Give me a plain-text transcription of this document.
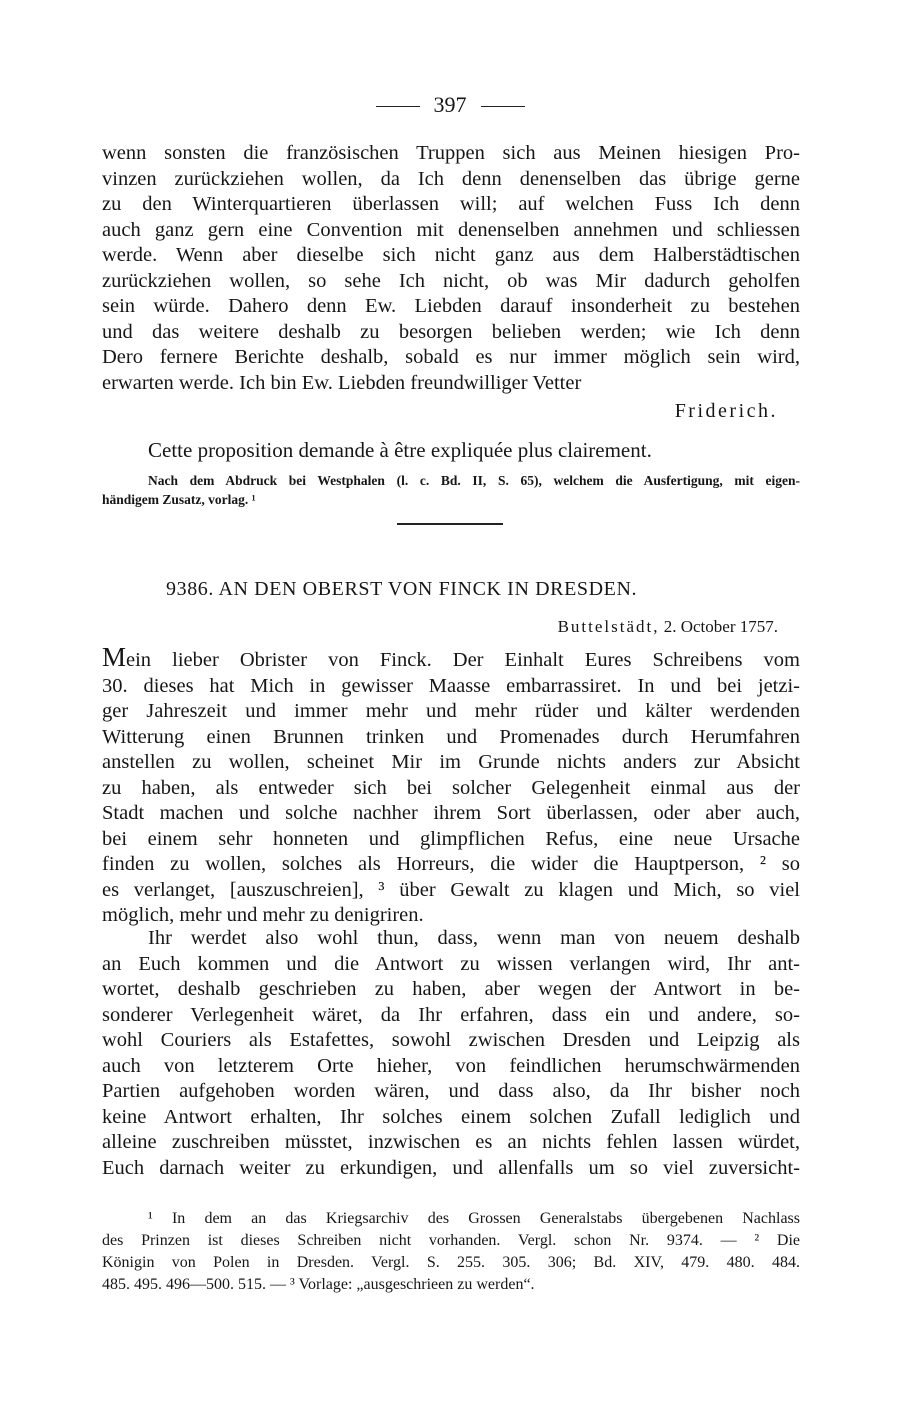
397

wenn sonsten die französischen Truppen sich aus Meinen hiesigen Pro-
vinzen zurückziehen wollen, da Ich denn denenselben das übrige gerne
zu den Winterquartieren überlassen will; auf welchen Fuss Ich denn
auch ganz gern eine Convention mit denenselben annehmen und schliessen
werde. Wenn aber dieselbe sich nicht ganz aus dem Halberstädtischen
zurückziehen wollen, so sehe Ich nicht, ob was Mir dadurch geholfen
sein würde. Dahero denn Ew. Liebden darauf insonderheit zu bestehen
und das weitere deshalb zu besorgen belieben werden; wie Ich denn
Dero fernere Berichte deshalb, sobald es nur immer möglich sein wird,
erwarten werde. Ich bin Ew. Liebden freundwilliger Vetter

Friderich.
Cette proposition demande à être expliquée plus clairement.

Nach dem Abdruck bei Westphalen (l. c. Bd. II, S. 65), welchem die Ausfertigung, mit eigen-
händigem Zusatz, vorlag. ¹

9386. AN DEN OBERST VON FINCK IN DRESDEN.
Buttelstädt, 2. October 1757.

Mein lieber Obrister von Finck. Der Einhalt Eures Schreibens vom
30. dieses hat Mich in gewisser Maasse embarrassiret. In und bei jetzi-
ger Jahreszeit und immer mehr und mehr rüder und kälter werdenden
Witterung einen Brunnen trinken und Promenades durch Herumfahren
anstellen zu wollen, scheinet Mir im Grunde nichts anders zur Absicht
zu haben, als entweder sich bei solcher Gelegenheit einmal aus der
Stadt machen und solche nachher ihrem Sort überlassen, oder aber auch,
bei einem sehr honneten und glimpflichen Refus, eine neue Ursache
finden zu wollen, solches als Horreurs, die wider die Hauptperson, ² so
es verlanget, [auszuschreien], ³ über Gewalt zu klagen und Mich, so viel
möglich, mehr und mehr zu denigriren.

Ihr werdet also wohl thun, dass, wenn man von neuem deshalb
an Euch kommen und die Antwort zu wissen verlangen wird, Ihr ant-
wortet, deshalb geschrieben zu haben, aber wegen der Antwort in be-
sonderer Verlegenheit wäret, da Ihr erfahren, dass ein und andere, so-
wohl Couriers als Estafettes, sowohl zwischen Dresden und Leipzig als
auch von letzterem Orte hieher, von feindlichen herumschwärmenden
Partien aufgehoben worden wären, und dass also, da Ihr bisher noch
keine Antwort erhalten, Ihr solches einem solchen Zufall lediglich und
alleine zuschreiben müsstet, inzwischen es an nichts fehlen lassen würdet,
Euch darnach weiter zu erkundigen, und allenfalls um so viel zuversicht-

¹ In dem an das Kriegsarchiv des Grossen Generalstabs übergebenen Nachlass
des Prinzen ist dieses Schreiben nicht vorhanden. Vergl. schon Nr. 9374. — ² Die
Königin von Polen in Dresden. Vergl. S. 255. 305. 306; Bd. XIV, 479. 480. 484.
485. 495. 496—500. 515. — ³ Vorlage: „ausgeschrieen zu werden“.
